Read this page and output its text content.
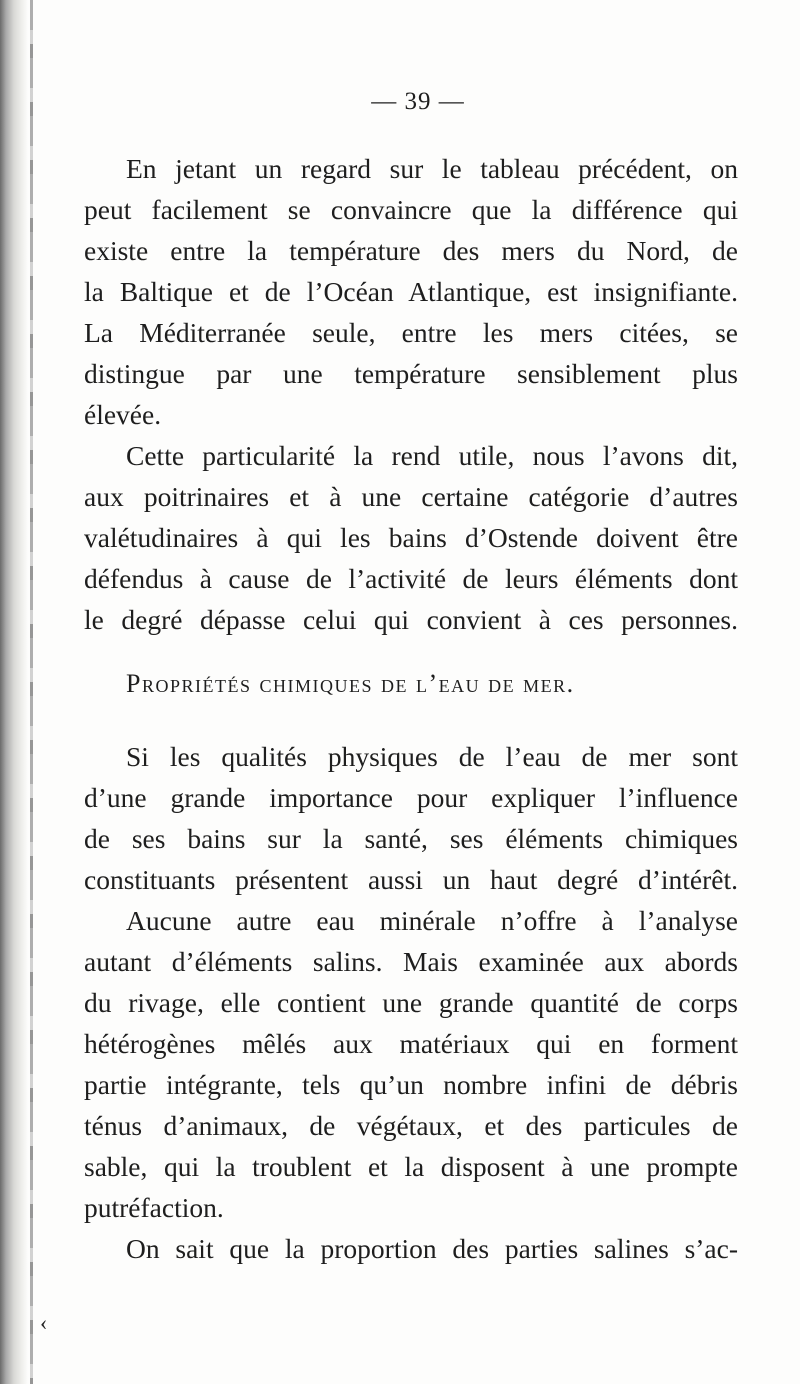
— 39 —
En jetant un regard sur le tableau précédent, on
peut facilement se convaincre que la différence qui
existe entre la température des mers du Nord, de
la Baltique et de l’Océan Atlantique, est insignifiante.
La Méditerranée seule, entre les mers citées, se
distingue par une température sensiblement plus
élevée.
Cette particularité la rend utile, nous l’avons dit,
aux poitrinaires et à une certaine catégorie d’autres
valétudinaires à qui les bains d’Ostende doivent être
défendus à cause de l’activité de leurs éléments dont
le degré dépasse celui qui convient à ces personnes.
Propriétés chimiques de l’eau de mer.
Si les qualités physiques de l’eau de mer sont
d’une grande importance pour expliquer l’influence
de ses bains sur la santé, ses éléments chimiques
constituants présentent aussi un haut degré d’intérêt.
Aucune autre eau minérale n’offre à l’analyse
autant d’éléments salins. Mais examinée aux abords
du rivage, elle contient une grande quantité de corps
hétérogènes mêlés aux matériaux qui en forment
partie intégrante, tels qu’un nombre infini de débris
ténus d’animaux, de végétaux, et des particules de
sable, qui la troublent et la disposent à une prompte
putréfaction.
On sait que la proportion des parties salines s’ac-
‹
